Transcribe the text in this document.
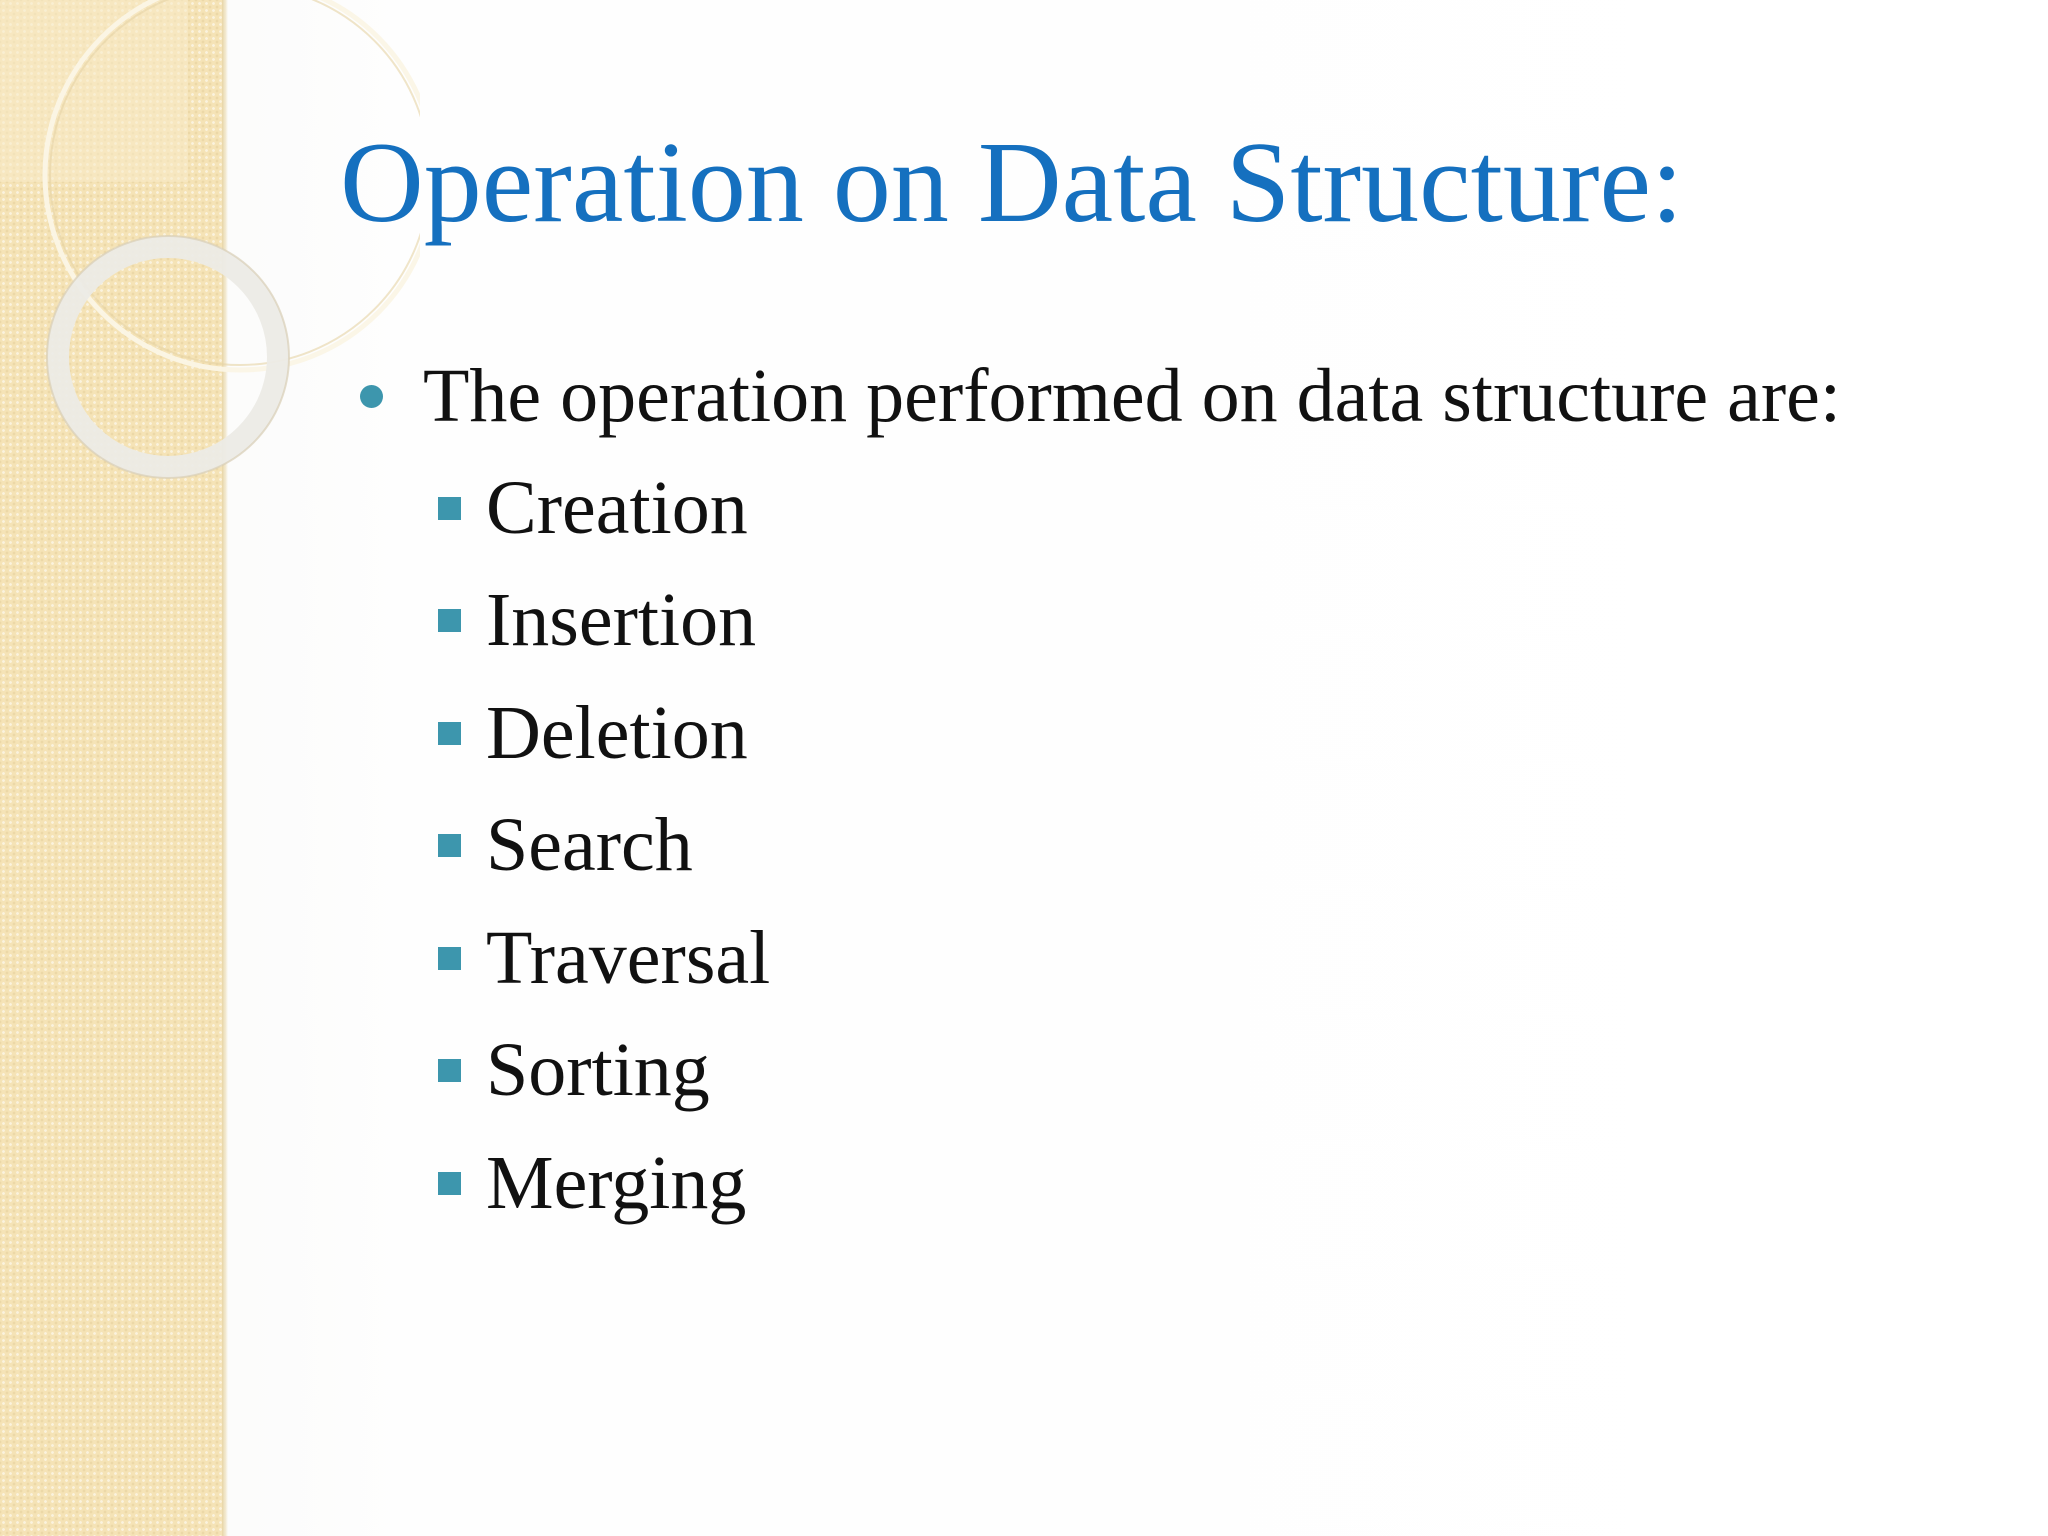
Operation on Data Structure:
The operation performed on data structure are:
Creation
Insertion
Deletion
Search
Traversal
Sorting
Merging
